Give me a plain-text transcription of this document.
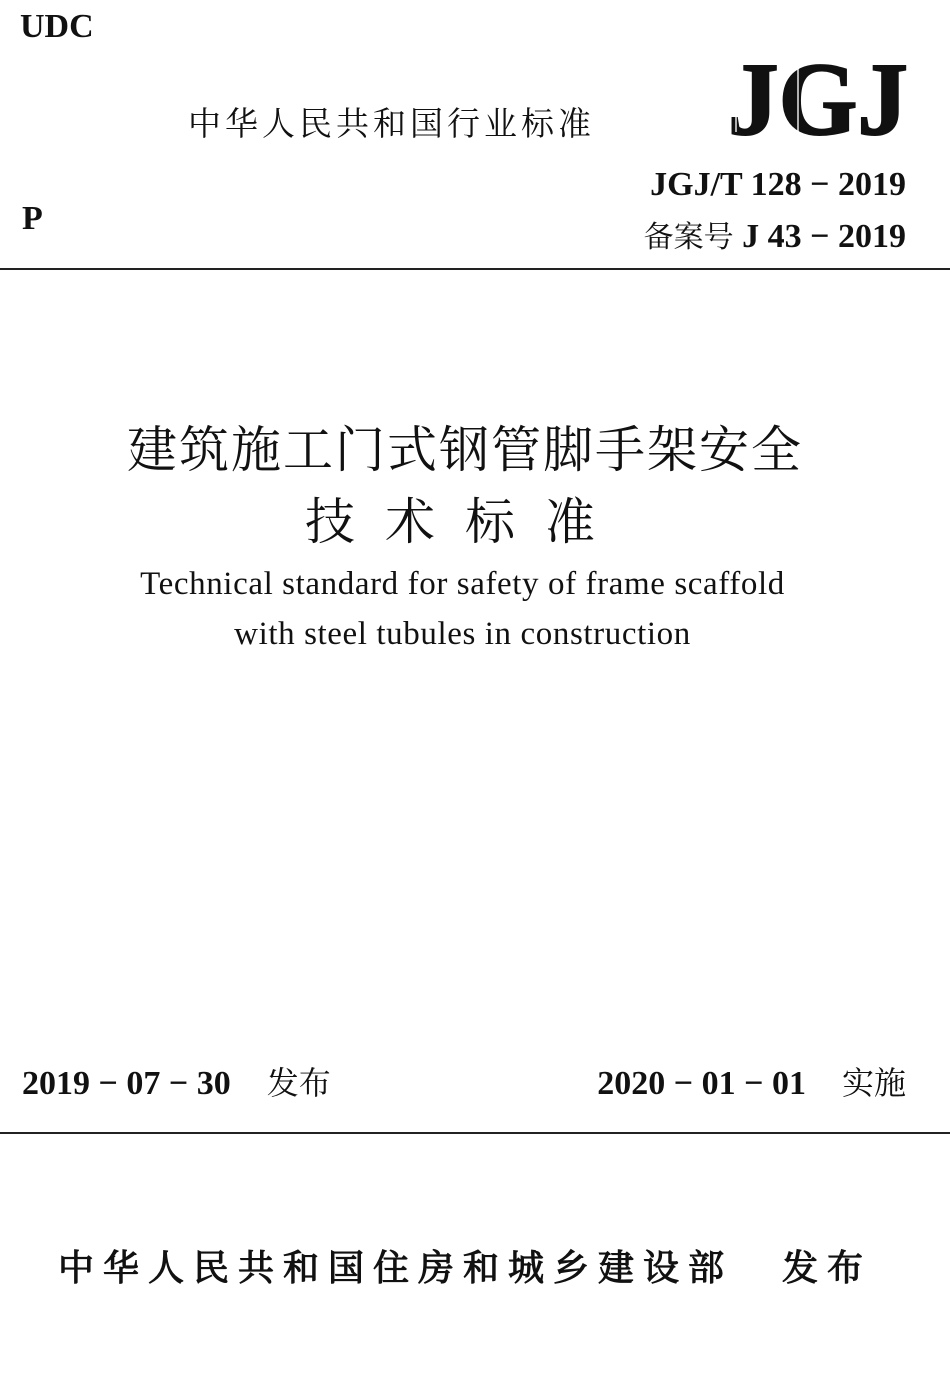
UDC
中华人民共和国行业标准 JGJ
P
JGJ/T 128 − 2019
备案号 J 43 − 2019
建筑施工门式钢管脚手架安全
技术标准
Technical standard for safety of frame scaffold
with steel tubules in construction
2019 − 07 − 30 发布	2020 − 01 − 01 实施
中华人民共和国住房和城乡建设部 发布
